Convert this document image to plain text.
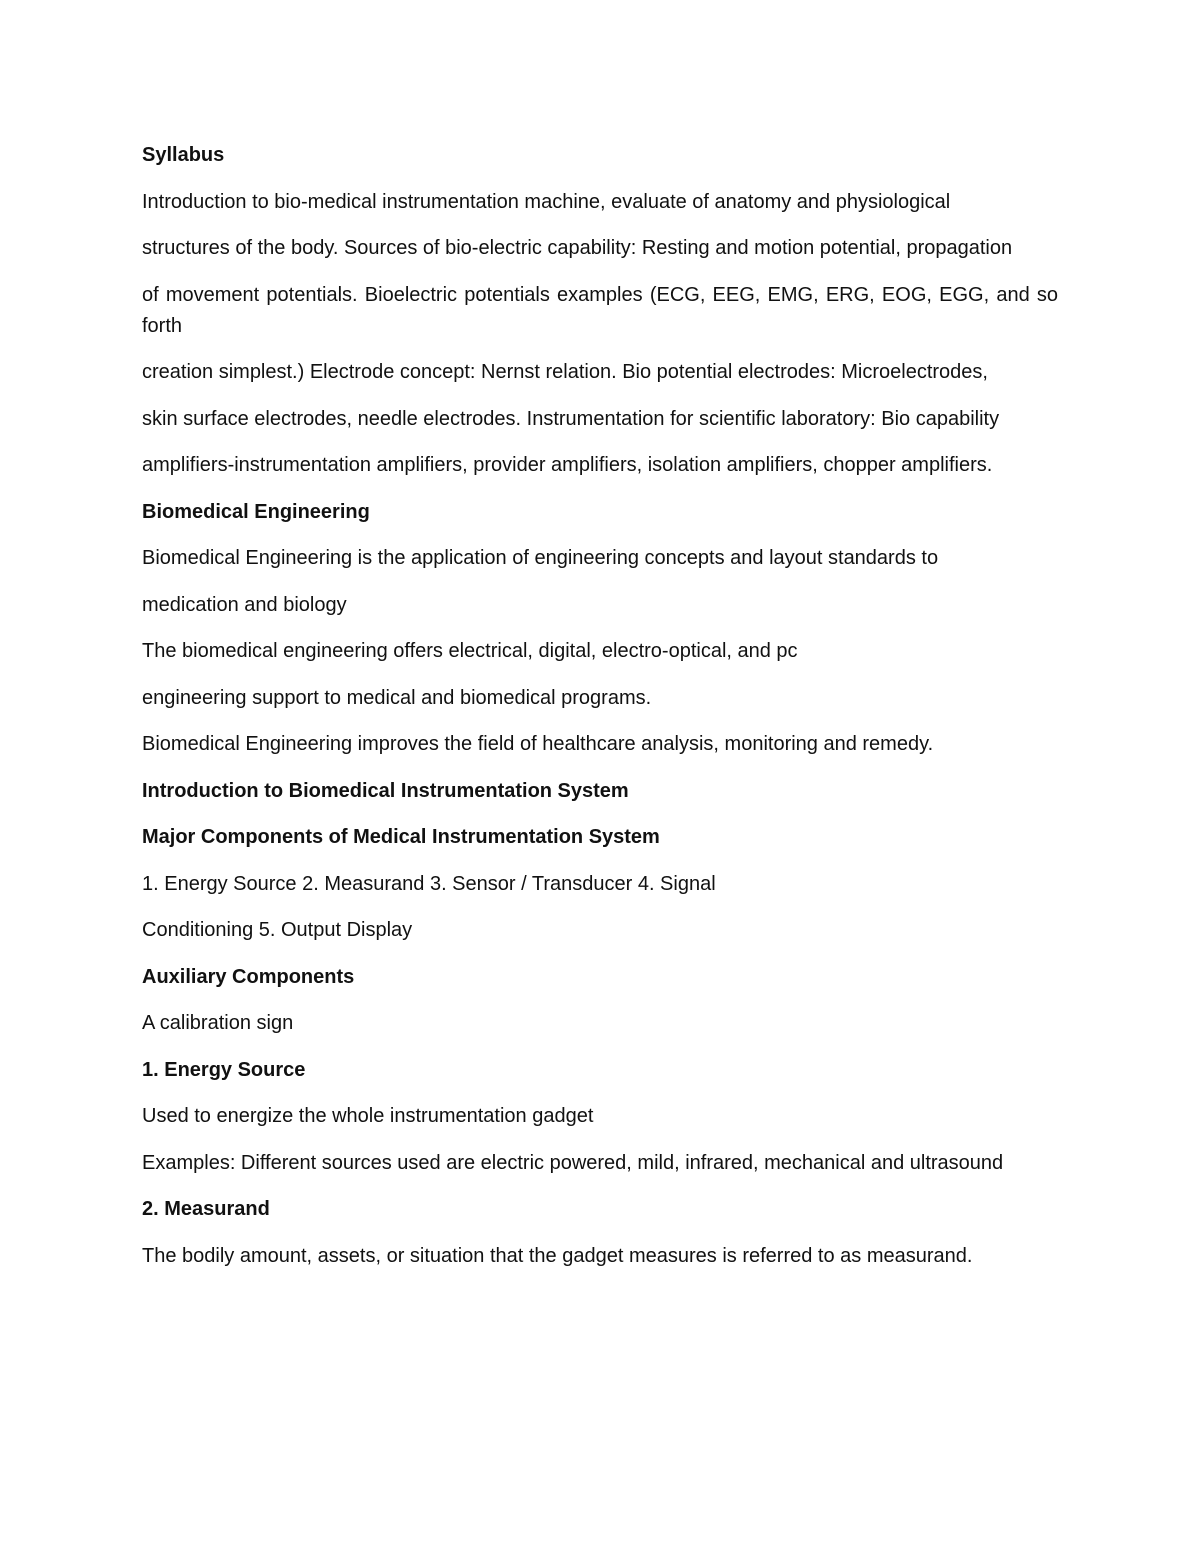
Syllabus

Introduction to bio-medical instrumentation machine, evaluate of anatomy and physiological

structures of the body. Sources of bio-electric capability: Resting and motion potential, propagation

of movement potentials. Bioelectric potentials examples (ECG, EEG, EMG, ERG, EOG, EGG, and so forth

creation simplest.) Electrode concept: Nernst relation. Bio potential electrodes: Microelectrodes,

skin surface electrodes, needle electrodes. Instrumentation for scientific laboratory: Bio capability

amplifiers-instrumentation amplifiers, provider amplifiers, isolation amplifiers, chopper amplifiers.

Biomedical Engineering

Biomedical Engineering is the application of engineering concepts and layout standards to

medication and biology

The biomedical engineering offers electrical, digital, electro-optical, and pc

engineering support to medical and biomedical programs.

Biomedical Engineering improves the field of healthcare analysis, monitoring and remedy.

Introduction to Biomedical Instrumentation System

Major Components of Medical Instrumentation System

1. Energy Source 2. Measurand 3. Sensor / Transducer 4. Signal

Conditioning 5. Output Display

Auxiliary Components

A calibration sign

1. Energy Source

Used to energize the whole instrumentation gadget

Examples: Different sources used are electric powered, mild, infrared, mechanical and ultrasound

2. Measurand

The bodily amount, assets, or situation that the gadget measures is referred to as measurand.
